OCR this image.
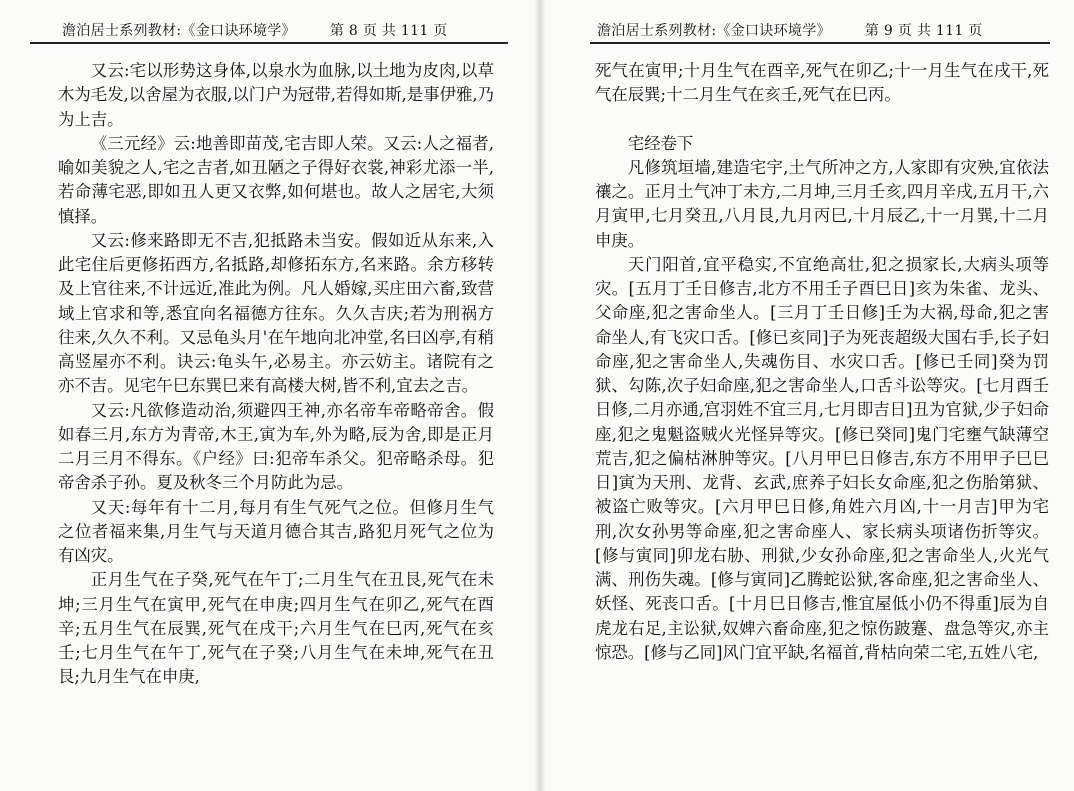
澹泊居士系列教材:《金口诀环境学》 第 8 页 共 111 页

又云:宅以形势这身体,以泉水为血脉,以土地为皮肉,以草木为毛发,以舍屋为衣服,以门户为冠带,若得如斯,是事伊雅,乃为上吉。

《三元经》云:地善即苗茂,宅吉即人荣。又云:人之福者,喻如美貌之人,宅之吉者,如丑陋之子得好衣裳,神彩尤添一半,若命薄宅恶,即如丑人更又衣弊,如何堪也。故人之居宅,大须慎择。

又云:修来路即无不吉,犯抵路未当安。假如近从东来,入此宅住后更修拓西方,名抵路,却修拓东方,名来路。余方移转及上官往来,不计远近,准此为例。凡人婚嫁,买庄田六畜,致营域上官求和等,悉宜向名福德方往东。久久吉庆;若为刑祸方往来,久久不利。又忌龟头月'在午地向北冲堂,名曰凶亭,有稍高竖屋亦不利。诀云:龟头午,必易主。亦云妨主。诸院有之亦不吉。见宅午巳东巽巳来有高楼大树,皆不利,宜去之吉。

又云:凡欲修造动治,须避四王神,亦名帝车帝略帝舍。假如春三月,东方为青帝,木王,寅为车,外为略,辰为舍,即是正月二月三月不得东。《户经》曰:犯帝车杀父。犯帝略杀母。犯帝舍杀子孙。夏及秋冬三个月防此为忌。

又天:每年有十二月,每月有生气死气之位。但修月生气之位者福来集,月生气与天道月德合其吉,路犯月死气之位为有凶灾。

正月生气在子癸,死气在午丁;二月生气在丑艮,死气在未坤;三月生气在寅甲,死气在申庚;四月生气在卯乙,死气在酉辛;五月生气在辰巽,死气在戌干;六月生气在巳丙,死气在亥壬;七月生气在午丁,死气在子癸;八月生气在未坤,死气在丑艮;九月生气在申庚,

澹泊居士系列教材:《金口诀环境学》 第 9 页 共 111 页

死气在寅甲;十月生气在酉辛,死气在卯乙;十一月生气在戌干,死气在辰巽;十二月生气在亥壬,死气在巳丙。

宅经卷下

凡修筑垣墙,建造宅宇,土气所冲之方,人家即有灾殃,宜依法禳之。正月土气冲丁未方,二月坤,三月壬亥,四月辛戌,五月干,六月寅甲,七月癸丑,八月艮,九月丙巳,十月辰乙,十一月巽,十二月申庚。

天门阳首,宜平稳实,不宜绝高壮,犯之损家长,大病头项等灾。[五月丁壬日修吉,北方不用壬子酉巳日]亥为朱雀、龙头、父命座,犯之害命坐人。[三月丁壬日修]壬为大祸,母命,犯之害命坐人,有飞灾口舌。[修已亥同]子为死丧超级大国右手,长子妇命座,犯之害命坐人,失魂伤目、水灾口舌。[修已壬同]癸为罚狱、勾陈,次子妇命座,犯之害命坐人,口舌斗讼等灾。[七月酉壬日修,二月亦通,宫羽姓不宜三月,七月即吉日]丑为官狱,少子妇命座,犯之鬼魁盗贼火光怪异等灾。[修已癸同]鬼门宅壅气缺薄空荒吉,犯之偏枯淋肿等灾。[八月甲巳日修吉,东方不用甲子巳巳日]寅为天刑、龙背、玄武,庶养子妇长女命座,犯之伤胎第狱、被盗亡败等灾。[六月甲巳日修,角姓六月凶,十一月吉]甲为宅刑,次女孙男等命座,犯之害命座人、家长病头项诸伤折等灾。[修与寅同]卯龙右胁、刑狱,少女孙命座,犯之害命坐人,火光气满、刑伤失魂。[修与寅同]乙腾蛇讼狱,客命座,犯之害命坐人、妖怪、死丧口舌。[十月巳日修吉,惟宜屋低小仍不得重]辰为自虎龙右足,主讼狱,奴婢六畜命座,犯之惊伤跛蹇、盘急等灾,亦主惊恐。[修与乙同]风门宜平缺,名福首,背枯向荣二宅,五姓八宅,
